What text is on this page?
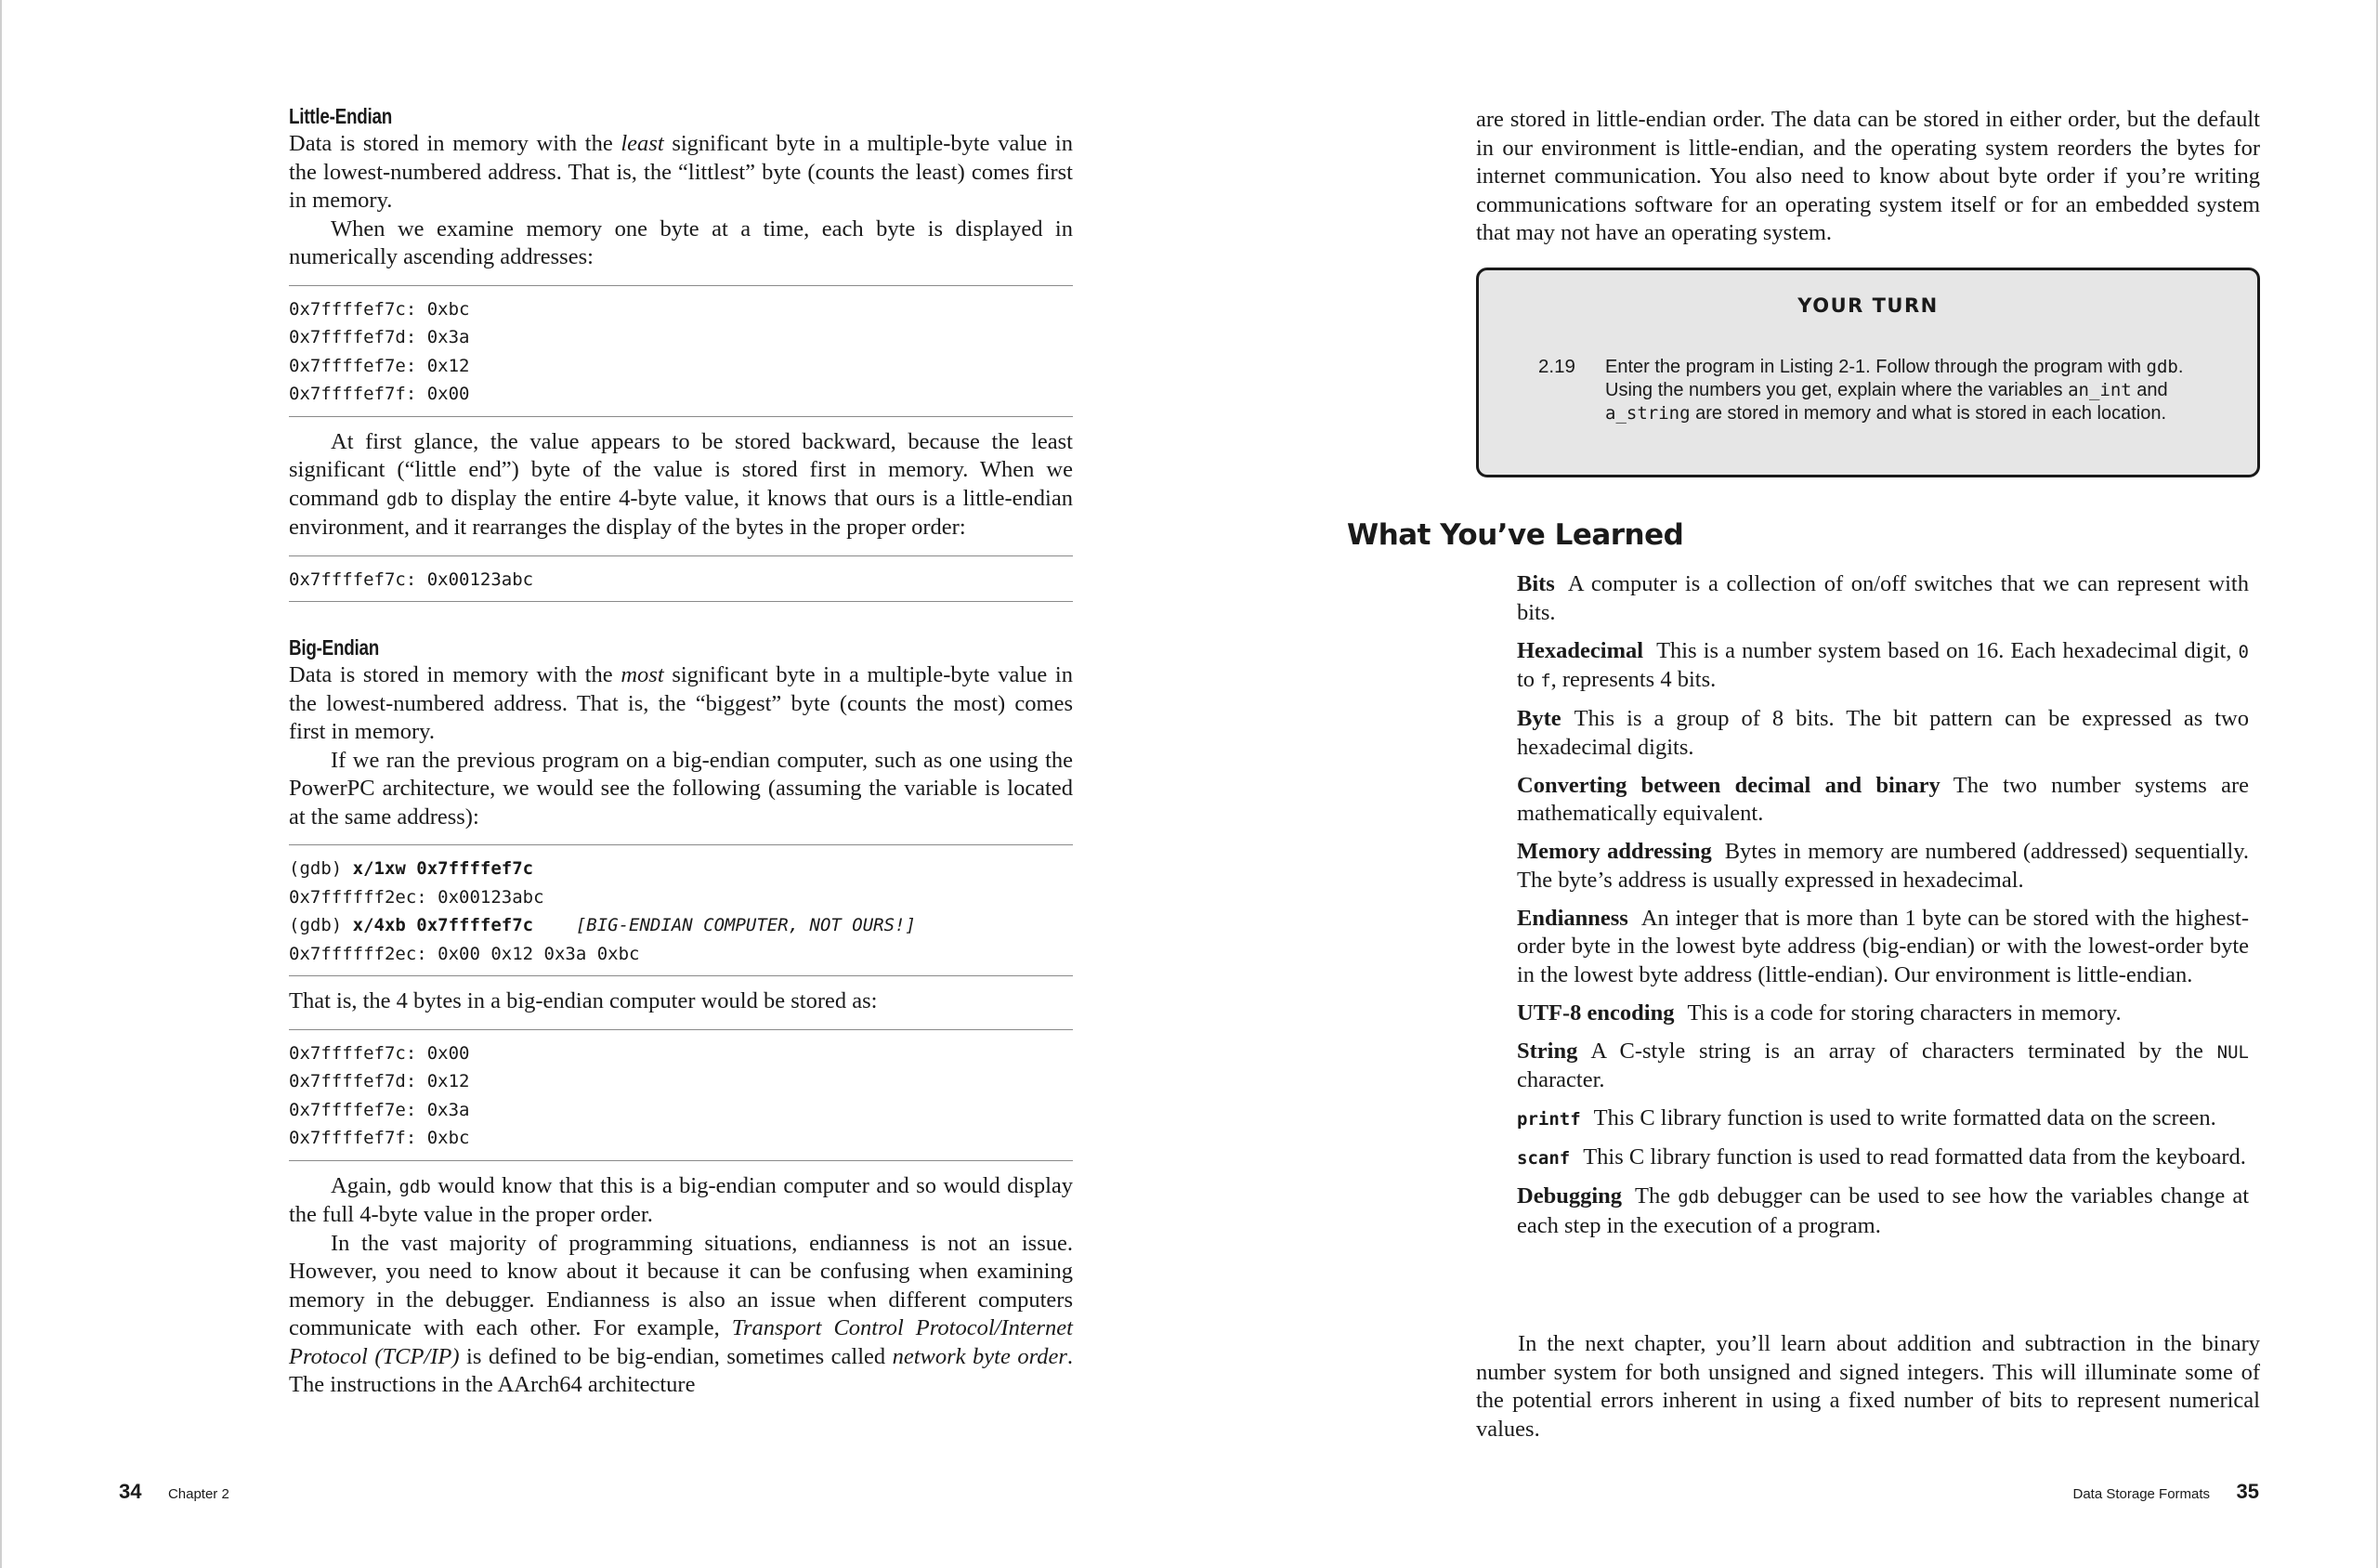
Little-Endian

Data is stored in memory with the least significant byte in a multiple-byte value in the lowest-numbered address. That is, the “littlest” byte (counts the least) comes first in memory.

When we examine memory one byte at a time, each byte is displayed in numerically ascending addresses:

0x7ffffef7c: 0xbc
0x7ffffef7d: 0x3a
0x7ffffef7e: 0x12
0x7ffffef7f: 0x00

At first glance, the value appears to be stored backward, because the least significant (“little end”) byte of the value is stored first in memory. When we command gdb to display the entire 4-byte value, it knows that ours is a little-endian environment, and it rearranges the display of the bytes in the proper order:

0x7ffffef7c: 0x00123abc
Big-Endian

Data is stored in memory with the most significant byte in a multiple-byte value in the lowest-numbered address. That is, the “biggest” byte (counts the most) comes first in memory.

If we ran the previous program on a big-endian computer, such as one using the PowerPC architecture, we would see the following (assuming the variable is located at the same address):

(gdb) x/1xw 0x7ffffef7c
0x7ffffff2ec: 0x00123abc
(gdb) x/4xb 0x7ffffef7c    [BIG-ENDIAN COMPUTER, NOT OURS!]
0x7ffffff2ec: 0x00 0x12 0x3a 0xbc

That is, the 4 bytes in a big-endian computer would be stored as:

0x7ffffef7c: 0x00
0x7ffffef7d: 0x12
0x7ffffef7e: 0x3a
0x7ffffef7f: 0xbc

Again, gdb would know that this is a big-endian computer and so would display the full 4-byte value in the proper order.

In the vast majority of programming situations, endianness is not an issue. However, you need to know about it because it can be confusing when examining memory in the debugger. Endianness is also an issue when different computers communicate with each other. For example, Transport Control Protocol/Internet Protocol (TCP/IP) is defined to be big-endian, sometimes called network byte order. The instructions in the AArch64 architecture

34 Chapter 2

are stored in little-endian order. The data can be stored in either order, but the default in our environment is little-endian, and the operating system reorders the bytes for internet communication. You also need to know about byte order if you’re writing communications software for an operating system itself or for an embedded system that may not have an operating system.

YOUR TURN
2.19 Enter the program in Listing 2-1. Follow through the program with gdb. Using the numbers you get, explain where the variables an_int and a_string are stored in memory and what is stored in each location.
What You’ve Learned

Bits A computer is a collection of on/off switches that we can represent with bits.

Hexadecimal This is a number system based on 16. Each hexadecimal digit, 0 to f, represents 4 bits.

Byte This is a group of 8 bits. The bit pattern can be expressed as two hexadecimal digits.

Converting between decimal and binary The two number systems are mathematically equivalent.

Memory addressing Bytes in memory are numbered (addressed) sequentially. The byte’s address is usually expressed in hexadecimal.

Endianness An integer that is more than 1 byte can be stored with the highest-order byte in the lowest byte address (big-endian) or with the lowest-order byte in the lowest byte address (little-endian). Our environment is little-endian.

UTF-8 encoding This is a code for storing characters in memory.

String A C-style string is an array of characters terminated by the NUL character.

printf This C library function is used to write formatted data on the screen.

scanf This C library function is used to read formatted data from the keyboard.

Debugging The gdb debugger can be used to see how the variables change at each step in the execution of a program.

In the next chapter, you’ll learn about addition and subtraction in the binary number system for both unsigned and signed integers. This will illuminate some of the potential errors inherent in using a fixed number of bits to represent numerical values.

Data Storage Formats 35
